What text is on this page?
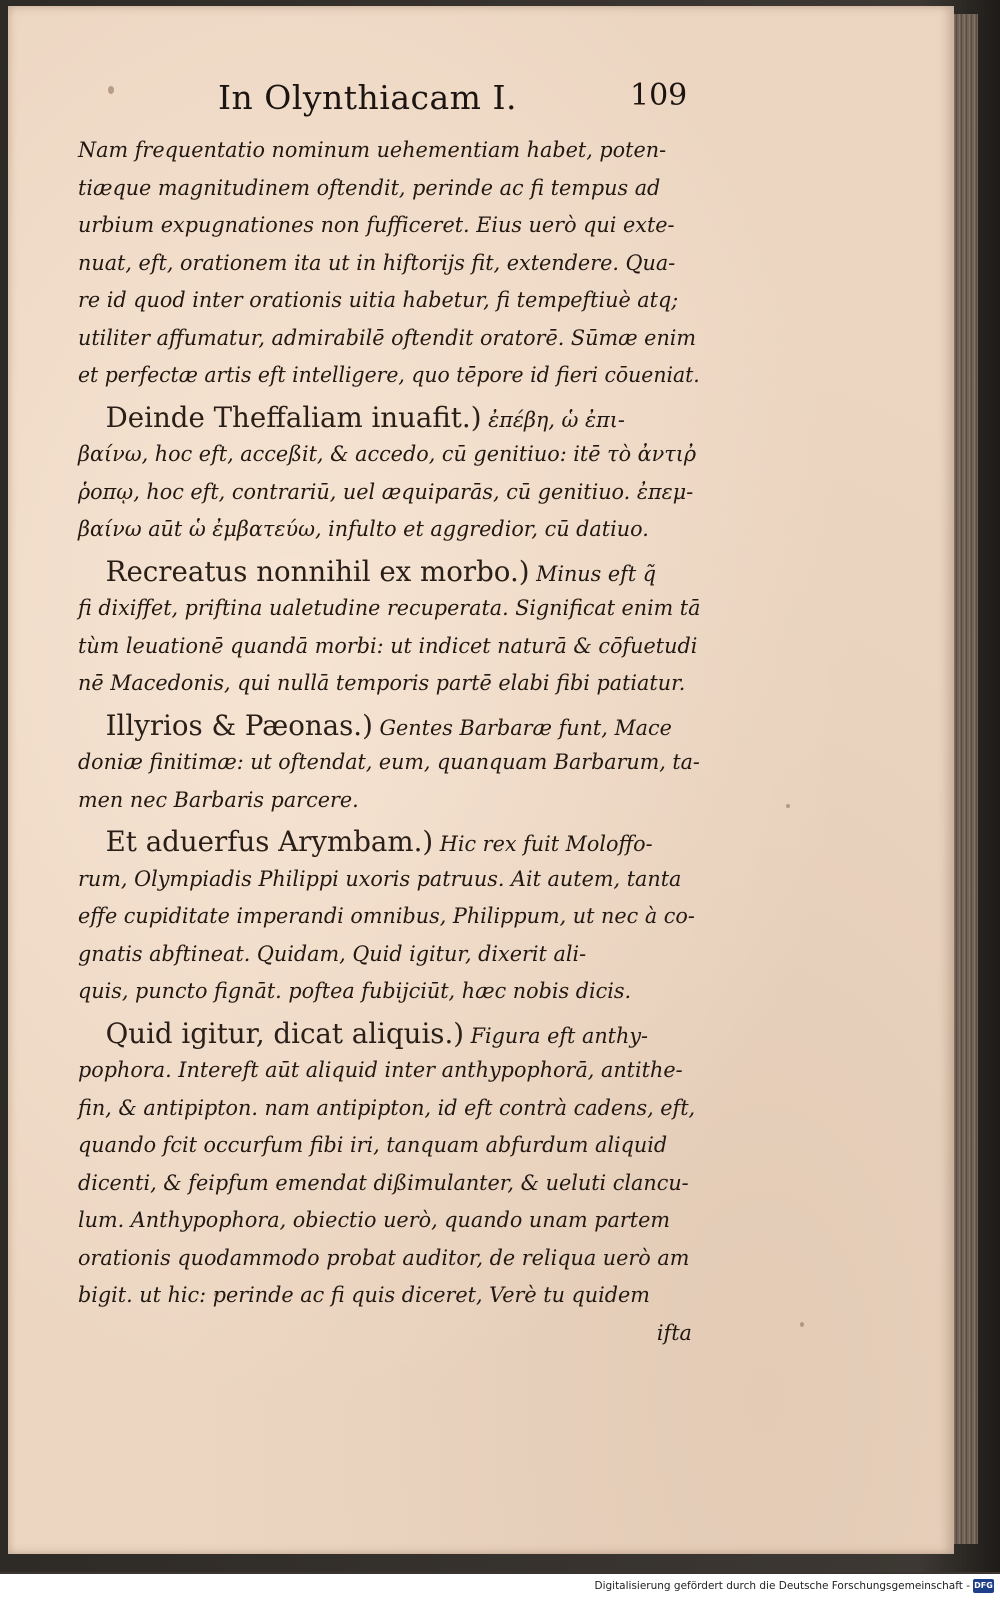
In Olynthiacam I.	109
Nam frequentatio nominum uehementiam habet, poten-
tiæque magnitudinem oftendit, perinde ac fi tempus ad
urbium expugnationes non fufficeret. Eius uerò qui exte-
nuat, eft, orationem ita ut in hiftorijs fit, extendere. Qua-
re id quod inter orationis uitia habetur, fi tempeftiuè atq;
utiliter affumatur, admirabilē oftendit oratorē. Sūmæ enim
et perfectæ artis eft intelligere, quo tēpore id fieri cōueniat.
Deinde Theffaliam inuafit.) ἐπέβη, ὡ ἐπι-
βαίνω, hoc eft, acceßit, & accedo, cū genitiuo: itē τὸ ἀντιῤ
ῥοπῳ, hoc eft, contrariū, uel æquiparās, cū genitiuo. ἐπεμ-
βαίνω aūt ὡ ἐμβατεύω, infulto et aggredior, cū datiuo.
Recreatus nonnihil ex morbo.) Minus eft q̃
fi dixiffet, priftina ualetudine recuperata. Significat enim tā
tùm leuationē quandā morbi: ut indicet naturā & cōfuetudi
nē Macedonis, qui nullā temporis partē elabi fibi patiatur.
Illyrios & Pæonas.) Gentes Barbaræ funt, Mace
doniæ finitimæ: ut oftendat, eum, quanquam Barbarum, ta-
men nec Barbaris parcere.
Et aduerfus Arymbam.) Hic rex fuit Moloffo-
rum, Olympiadis Philippi uxoris patruus. Ait autem, tanta
effe cupiditate imperandi omnibus, Philippum, ut nec à co-
gnatis abftineat. Quidam, Quid igitur, dixerit ali-
quis, puncto fignāt. poftea fubijciūt, hæc nobis dicis.
Quid igitur, dicat aliquis.) Figura eft anthy-
pophora. Intereft aūt aliquid inter anthypophorā, antithe-
fin, & antipipton. nam antipipton, id eft contrà cadens, eft,
quando fcit occurfum fibi iri, tanquam abfurdum aliquid
dicenti, & feipfum emendat dißimulanter, & ueluti clancu-
lum. Anthypophora, obiectio uerò, quando unam partem
orationis quodammodo probat auditor, de reliqua uerò am
bigit. ut hic: perinde ac fi quis diceret, Verè tu quidem
ifta
Digitalisierung gefördert durch die Deutsche Forschungsgemeinschaft - DFG
